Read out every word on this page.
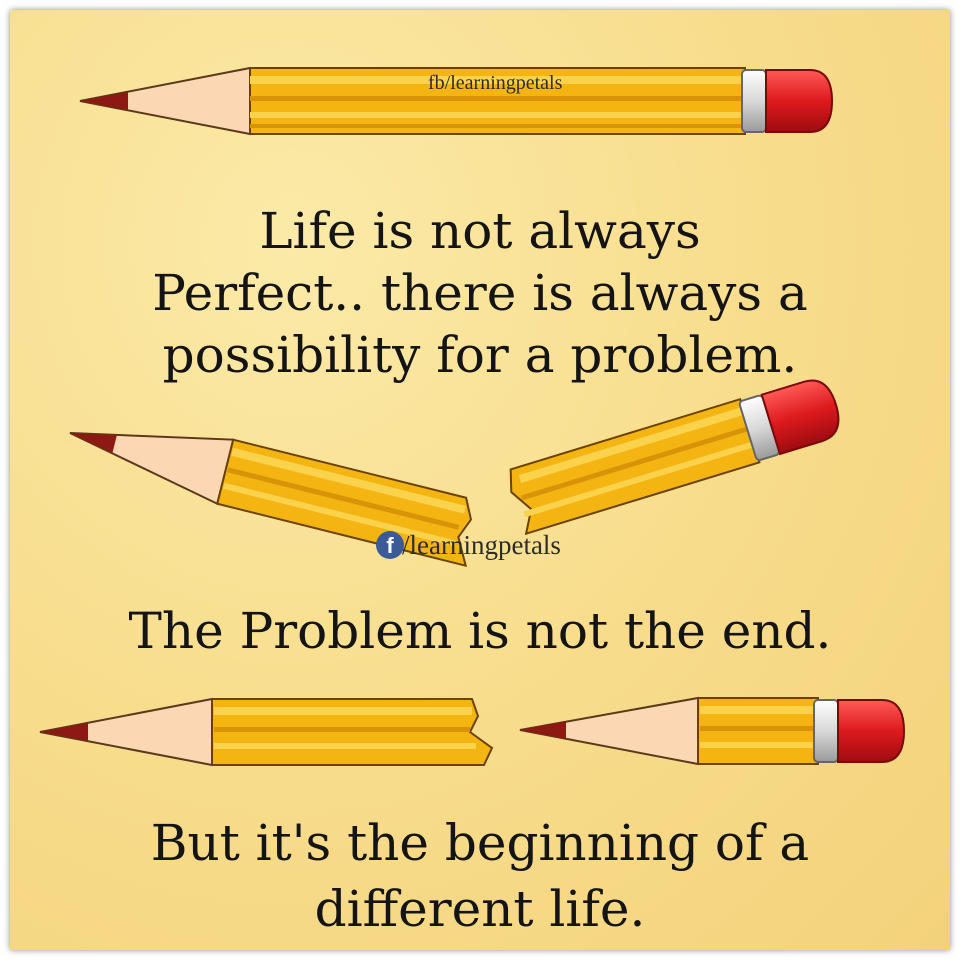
fb/learningpetals
f /learningpetals

Life is not always Perfect.. there is always a possibility for a problem.

The Problem is not the end.

But it's the beginning of a different life.
